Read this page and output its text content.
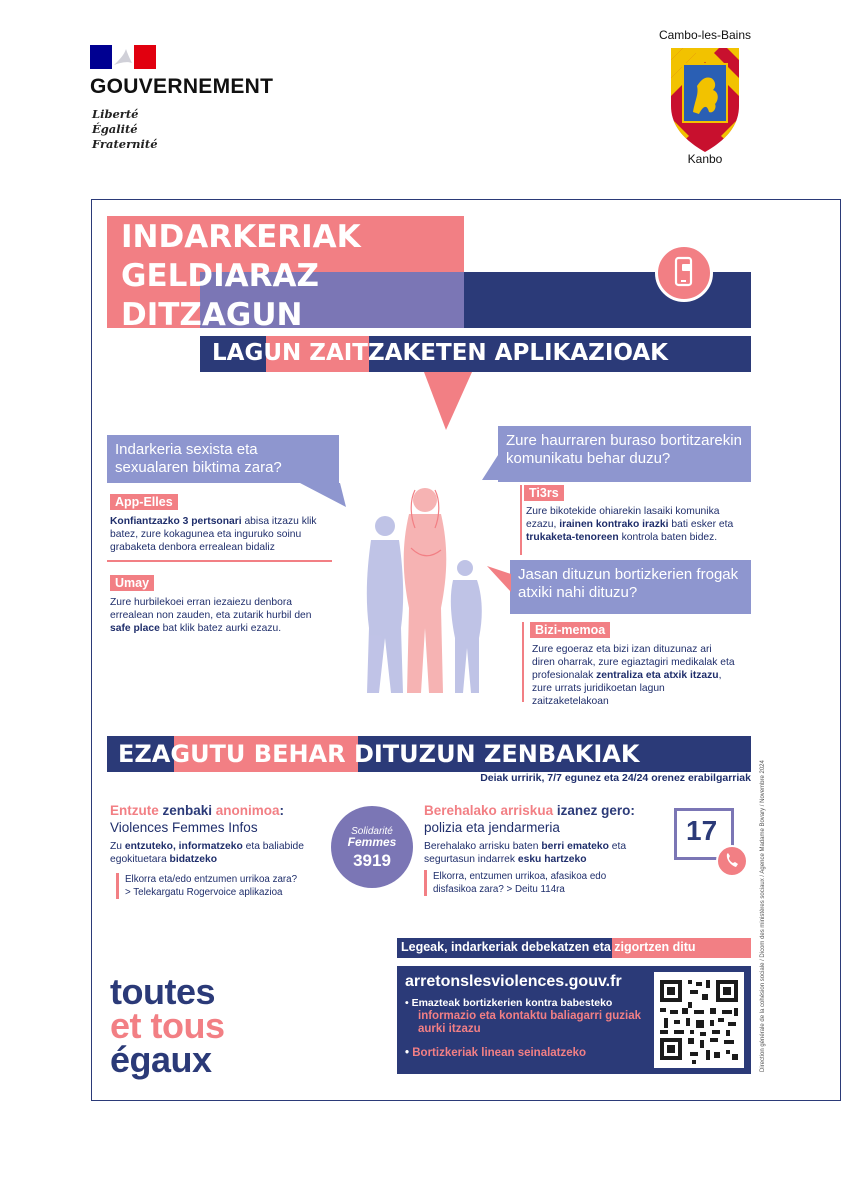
GOUVERNEMENT
Liberté
Égalité
Fraternité
Cambo-les-Bains
Kanbo
INDARKERIAK
GELDIARAZ
DITZAGUN
LAGUN ZAITZAKETEN APLIKAZIOAK
Indarkeria sexista eta sexualaren biktima zara?
App-Elles
Konfiantzazko 3 pertsonari abisa itzazu klik batez, zure kokagunea eta inguruko soinu grabaketa denbora errealean bidaliz
Umay
Zure hurbilekoei erran iezaiezu denbora errealean non zauden, eta zutarik hurbil den safe place bat klik batez aurki ezazu.
Zure haurraren buraso bortitzarekin komunikatu behar duzu?
Ti3rs
Zure bikotekide ohiarekin lasaiki komunika ezazu, irainen kontrako irazki bati esker eta trukaketa-tenoreen kontrola baten bidez.
Jasan dituzun bortizkerien frogak atxiki nahi dituzu?
Bizi-memoa
Zure egoeraz eta bizi izan dituzunaz ari diren oharrak, zure egiaztagiri medikalak eta profesionalak zentraliza eta atxik itzazu, zure urrats juridikoetan lagun zaitzaketelakoan
EZAGUTU BEHAR DITUZUN ZENBAKIAK
Deiak urririk, 7/7 egunez eta 24/24 orenez erabilgarriak
Entzute zenbaki anonimoa:
Violences Femmes Infos
Zu entzuteko, informatzeko eta baliabide egokituetara bidatzeko
Elkorra eta/edo entzumen urrikoa zara?
> Telekargatu Rogervoice aplikazioa
Solidarité
Femmes
3919
Berehalako arriskua izanez gero:
polizia eta jendarmeria
Berehalako arrisku baten berri emateko eta segurtasun indarrek esku hartzeko
Elkorra, entzumen urrikoa, afasikoa edo
disfasikoa zara? > Deitu 114ra
17
Legeak, indarkeriak debekatzen eta zigortzen ditu
arretonslesviolences.gouv.fr
• Emazteak bortizkerien kontra babesteko
informazio eta kontaktu baliagarri guziak aurki itzazu
• Bortizkeriak linean seinalatzeko
toutes
et tous
égaux	Direction générale de la cohésion sociale / Dicom des ministères sociaux / Agence Madame Bovary / Novembre 2024
